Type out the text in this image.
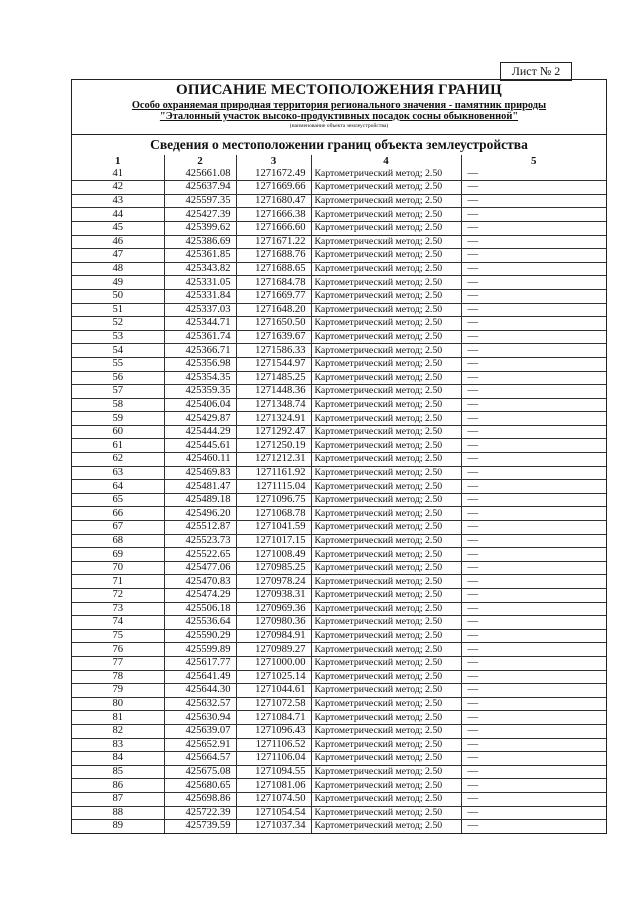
Лист № 2
ОПИСАНИЕ МЕСТОПОЛОЖЕНИЯ ГРАНИЦ
Особо охраняемая природная территория регионального значения - памятник природы
"Эталонный участок высоко-продуктивных посадок сосны обыкновенной"
(наименование объекта землеустройства)
Сведения о местоположении границ объекта землеустройства
1	2	3	4	5
41	425661.08	1271672.49	Картометрический метод; 2.50	—
42	425637.94	1271669.66	Картометрический метод; 2.50	—
43	425597.35	1271680.47	Картометрический метод; 2.50	—
44	425427.39	1271666.38	Картометрический метод; 2.50	—
45	425399.62	1271666.60	Картометрический метод; 2.50	—
46	425386.69	1271671.22	Картометрический метод; 2.50	—
47	425361.85	1271688.76	Картометрический метод; 2.50	—
48	425343.82	1271688.65	Картометрический метод; 2.50	—
49	425331.05	1271684.78	Картометрический метод; 2.50	—
50	425331.84	1271669.77	Картометрический метод; 2.50	—
51	425337.03	1271648.20	Картометрический метод; 2.50	—
52	425344.71	1271650.50	Картометрический метод; 2.50	—
53	425361.74	1271639.67	Картометрический метод; 2.50	—
54	425366.71	1271586.33	Картометрический метод; 2.50	—
55	425356.98	1271544.97	Картометрический метод; 2.50	—
56	425354.35	1271485.25	Картометрический метод; 2.50	—
57	425359.35	1271448.36	Картометрический метод; 2.50	—
58	425406.04	1271348.74	Картометрический метод; 2.50	—
59	425429.87	1271324.91	Картометрический метод; 2.50	—
60	425444.29	1271292.47	Картометрический метод; 2.50	—
61	425445.61	1271250.19	Картометрический метод; 2.50	—
62	425460.11	1271212.31	Картометрический метод; 2.50	—
63	425469.83	1271161.92	Картометрический метод; 2.50	—
64	425481.47	1271115.04	Картометрический метод; 2.50	—
65	425489.18	1271096.75	Картометрический метод; 2.50	—
66	425496.20	1271068.78	Картометрический метод; 2.50	—
67	425512.87	1271041.59	Картометрический метод; 2.50	—
68	425523.73	1271017.15	Картометрический метод; 2.50	—
69	425522.65	1271008.49	Картометрический метод; 2.50	—
70	425477.06	1270985.25	Картометрический метод; 2.50	—
71	425470.83	1270978.24	Картометрический метод; 2.50	—
72	425474.29	1270938.31	Картометрический метод; 2.50	—
73	425506.18	1270969.36	Картометрический метод; 2.50	—
74	425536.64	1270980.36	Картометрический метод; 2.50	—
75	425590.29	1270984.91	Картометрический метод; 2.50	—
76	425599.89	1270989.27	Картометрический метод; 2.50	—
77	425617.77	1271000.00	Картометрический метод; 2.50	—
78	425641.49	1271025.14	Картометрический метод; 2.50	—
79	425644.30	1271044.61	Картометрический метод; 2.50	—
80	425632.57	1271072.58	Картометрический метод; 2.50	—
81	425630.94	1271084.71	Картометрический метод; 2.50	—
82	425639.07	1271096.43	Картометрический метод; 2.50	—
83	425652.91	1271106.52	Картометрический метод; 2.50	—
84	425664.57	1271106.04	Картометрический метод; 2.50	—
85	425675.08	1271094.55	Картометрический метод; 2.50	—
86	425680.65	1271081.06	Картометрический метод; 2.50	—
87	425698.86	1271074.50	Картометрический метод; 2.50	—
88	425722.39	1271054.54	Картометрический метод; 2.50	—
89	425739.59	1271037.34	Картометрический метод; 2.50	—
